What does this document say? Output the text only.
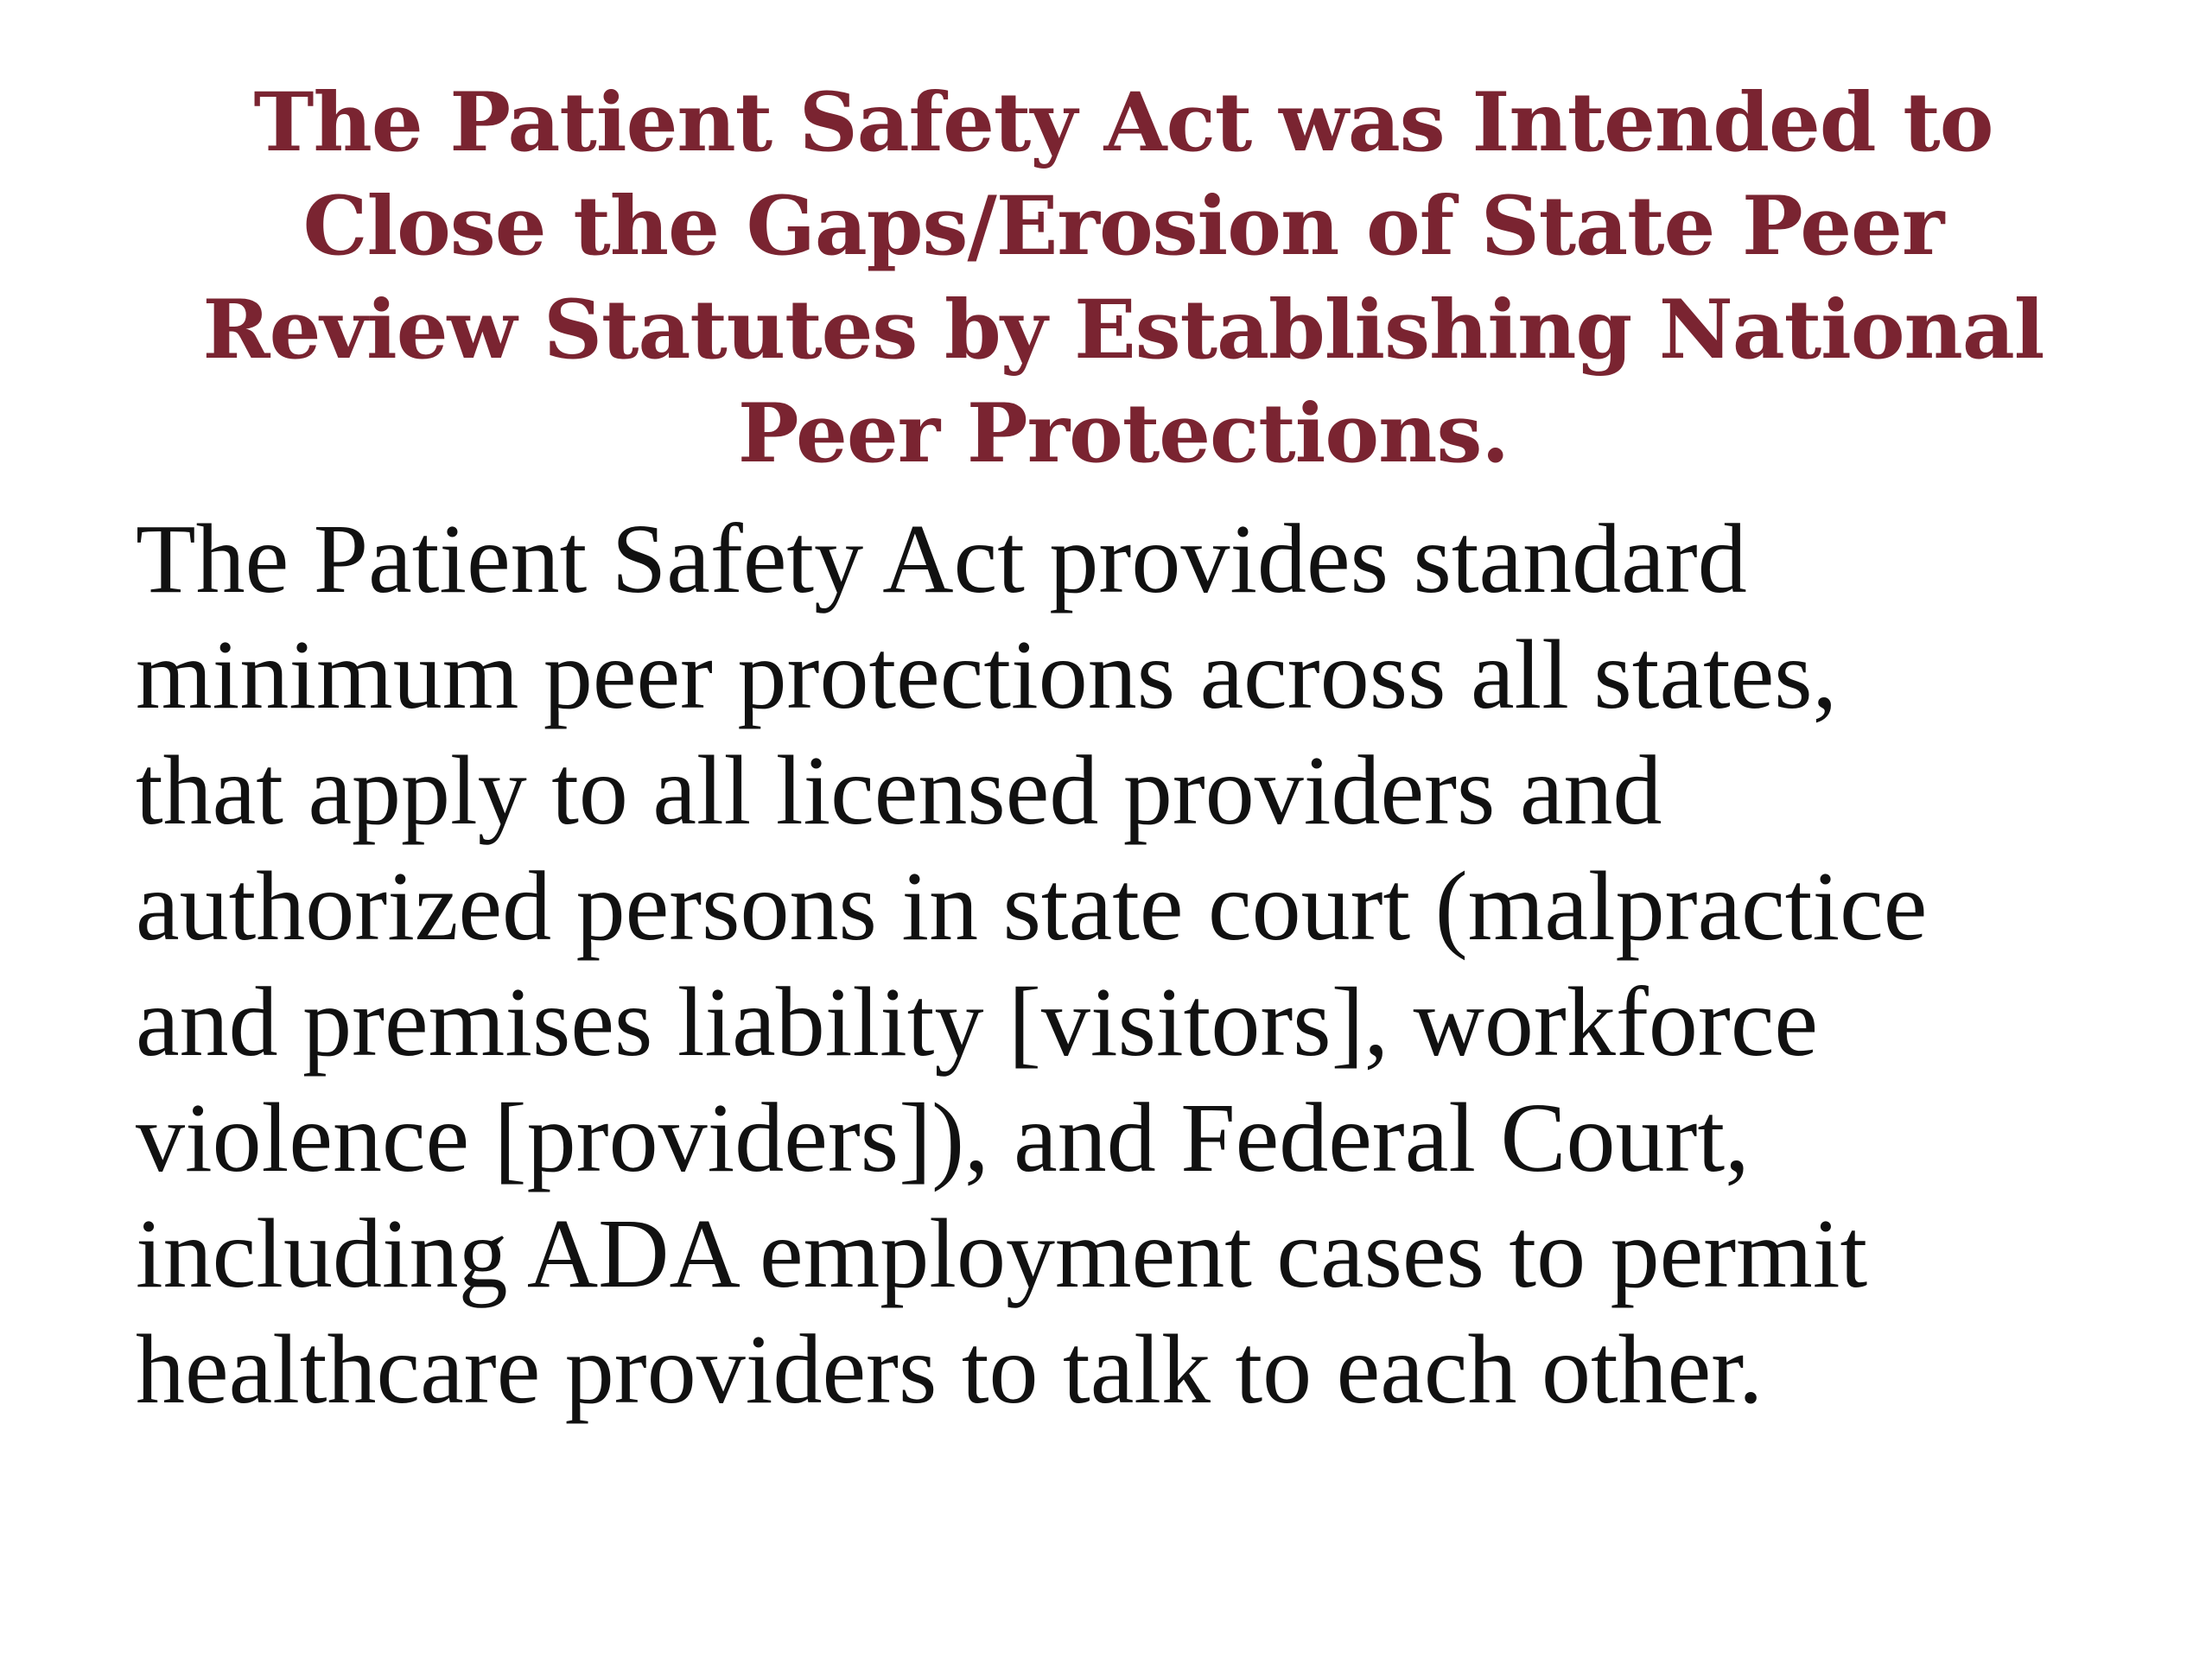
The Patient Safety Act was Intended to
Close the Gaps/Erosion of State Peer
Review Statutes by Establishing National
Peer Protections.

The Patient Safety Act provides standard
minimum peer protections across all states,
that apply to all licensed providers and
authorized persons in state court (malpractice
and premises liability [visitors], workforce
violence [providers]), and Federal Court,
including ADA employment cases to permit
healthcare providers to talk to each other.
